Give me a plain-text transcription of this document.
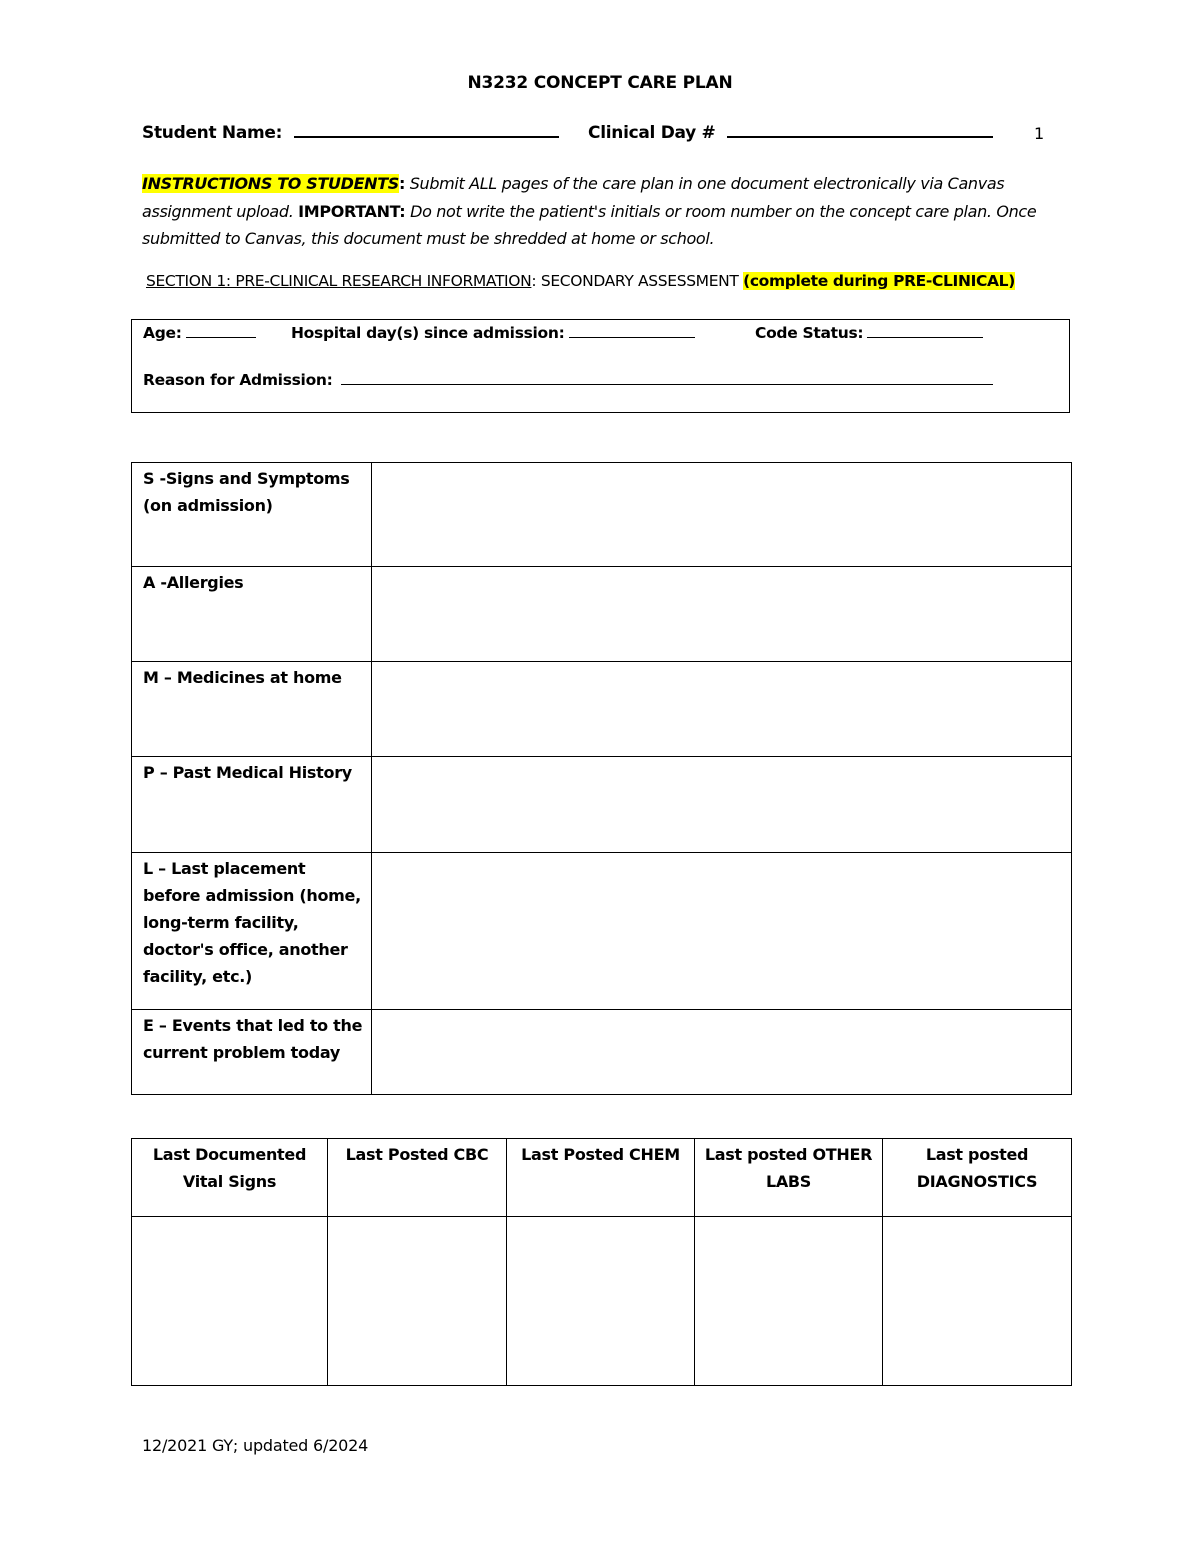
N3232 CONCEPT CARE PLAN
Student Name:	Clinical Day #	1
INSTRUCTIONS TO STUDENTS: Submit ALL pages of the care plan in one document electronically via Canvas assignment upload. IMPORTANT: Do not write the patient's initials or room number on the concept care plan. Once submitted to Canvas, this document must be shredded at home or school.
SECTION 1: PRE-CLINICAL RESEARCH INFORMATION: SECONDARY ASSESSMENT (complete during PRE-CLINICAL)
Age:	Hospital day(s) since admission:	Code Status:
Reason for Admission:
S -Signs and Symptoms (on admission)	

A -Allergies	

M – Medicines at home	

P – Past Medical History	

L – Last placement before admission (home, long-term facility, doctor's office, another facility, etc.)	

E – Events that led to the current problem today	

Last Documented Vital Signs	Last Posted CBC	Last Posted CHEM	Last posted OTHER LABS	Last posted DIAGNOSTICS

12/2021 GY; updated 6/2024
